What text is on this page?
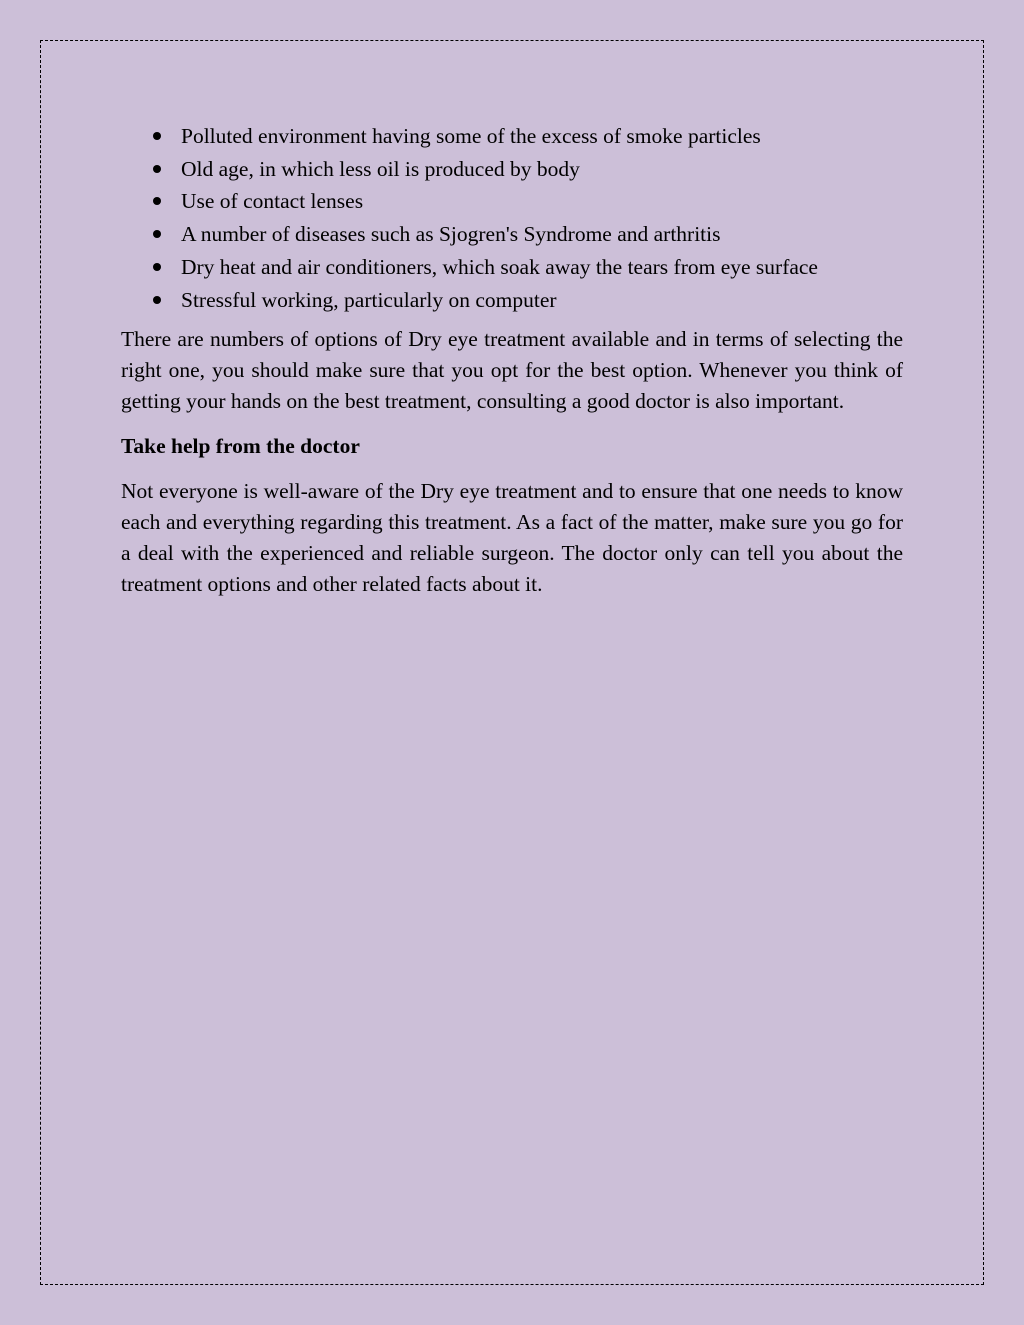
Polluted environment having some of the excess of smoke particles
Old age, in which less oil is produced by body
Use of contact lenses
A number of diseases such as Sjogren's Syndrome and arthritis
Dry heat and air conditioners, which soak away the tears from eye surface
Stressful working, particularly on computer

There are numbers of options of Dry eye treatment available and in terms of selecting the right one, you should make sure that you opt for the best option. Whenever you think of getting your hands on the best treatment, consulting a good doctor is also important.

Take help from the doctor

Not everyone is well-aware of the Dry eye treatment and to ensure that one needs to know each and everything regarding this treatment. As a fact of the matter, make sure you go for a deal with the experienced and reliable surgeon. The doctor only can tell you about the treatment options and other related facts about it.
